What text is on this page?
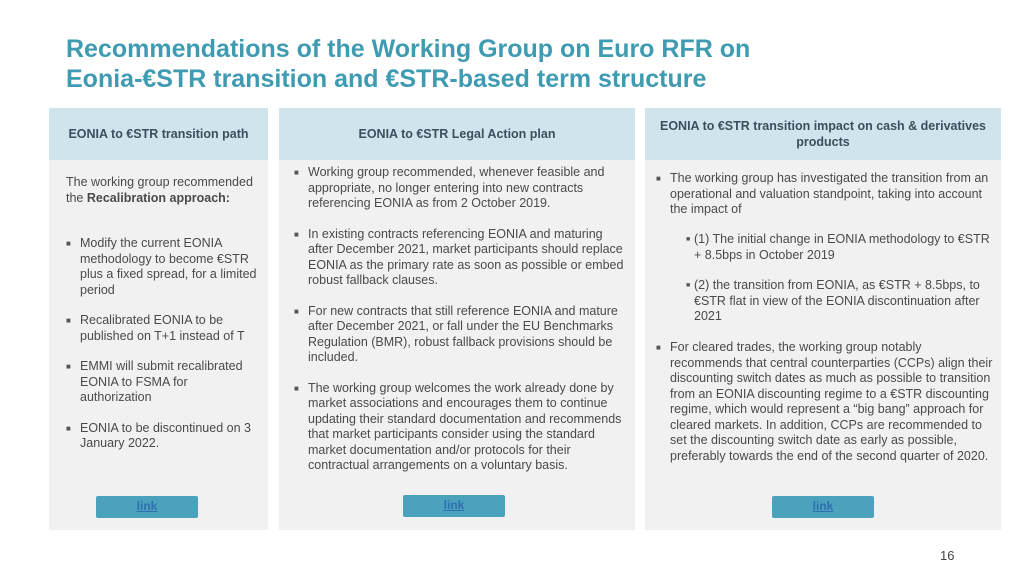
Recommendations of the Working Group on Euro RFR on
Eonia-€STR transition and €STR-based term structure
EONIA to €STR transition path

The working group recommended the Recalibration approach:

■ Modify the current EONIA methodology to become €STR plus a fixed spread, for a limited period
■ Recalibrated EONIA to be published on T+1 instead of T
■ EMMI will submit recalibrated EONIA to FSMA for authorization
■ EONIA to be discontinued on 3 January 2022.
link
EONIA to €STR Legal Action plan
■ Working group recommended, whenever feasible and appropriate, no longer entering into new contracts referencing EONIA as from 2 October 2019.
■ In existing contracts referencing EONIA and maturing after December 2021, market participants should replace EONIA as the primary rate as soon as possible or embed robust fallback clauses.
■ For new contracts that still reference EONIA and mature after December 2021, or fall under the EU Benchmarks Regulation (BMR), robust fallback provisions should be included.
■ The working group welcomes the work already done by market associations and encourages them to continue updating their standard documentation and recommends that market participants consider using the standard market documentation and/or protocols for their contractual arrangements on a voluntary basis.
link
EONIA to €STR transition impact on cash & derivatives products
■ The working group has investigated the transition from an operational and valuation standpoint, taking into account the impact of
■ (1) The initial change in EONIA methodology to €STR + 8.5bps in October 2019
■ (2) the transition from EONIA, as €STR + 8.5bps, to €STR flat in view of the EONIA discontinuation after 2021
■ For cleared trades, the working group notably recommends that central counterparties (CCPs) align their discounting switch dates as much as possible to transition from an EONIA discounting regime to a €STR discounting regime, which would represent a “big bang” approach for cleared markets. In addition, CCPs are recommended to set the discounting switch date as early as possible, preferably towards the end of the second quarter of 2020.
link
16
